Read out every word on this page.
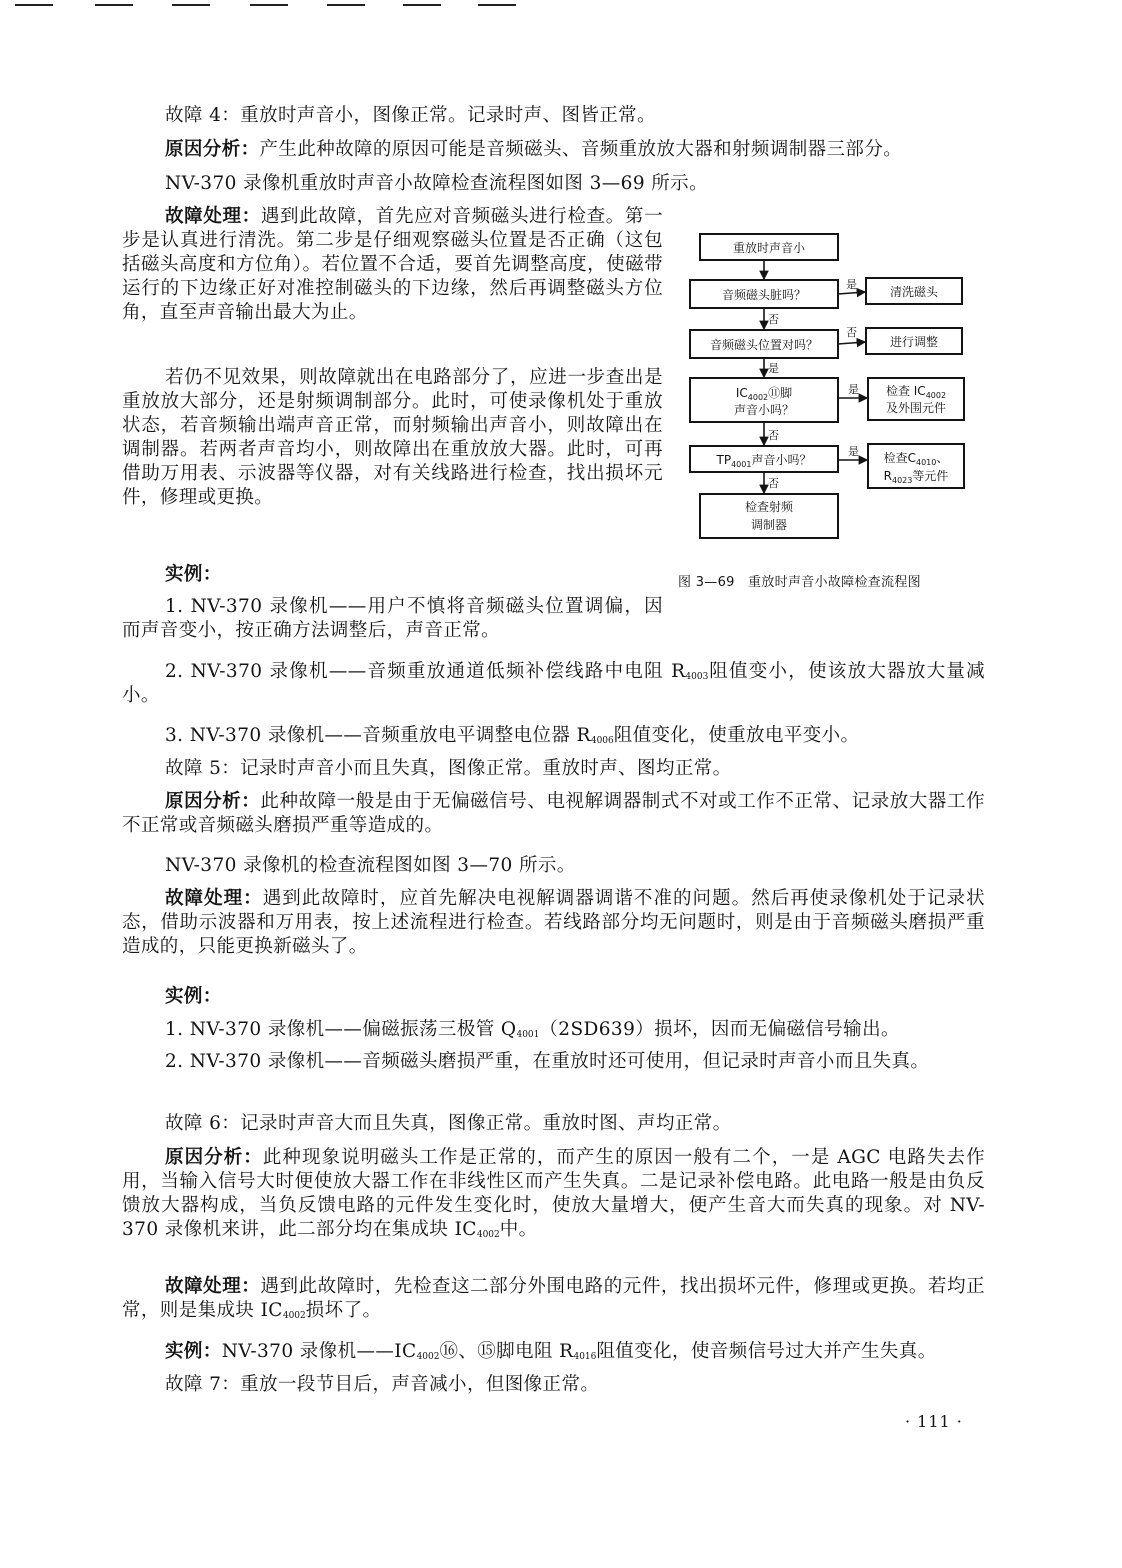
故障 4：重放时声音小，图像正常。记录时声、图皆正常。

原因分析：产生此种故障的原因可能是音频磁头、音频重放放大器和射频调制器三部分。

NV-370 录像机重放时声音小故障检查流程图如图 3—69 所示。

故障处理：遇到此故障，首先应对音频磁头进行检查。第一步是认真进行清洗。第二步是仔细观察磁头位置是否正确（这包括磁头高度和方位角）。若位置不合适，要首先调整高度，使磁带运行的下边缘正好对准控制磁头的下边缘，然后再调整磁头方位角，直至声音输出最大为止。

若仍不见效果，则故障就出在电路部分了，应进一步查出是重放放大部分，还是射频调制部分。此时，可使录像机处于重放状态，若音频输出端声音正常，而射频输出声音小，则故障出在调制器。若两者声音均小，则故障出在重放放大器。此时，可再借助万用表、示波器等仪器，对有关线路进行检查，找出损坏元件，修理或更换。

实例：

1. NV-370 录像机——用户不慎将音频磁头位置调偏，因而声音变小，按正确方法调整后，声音正常。

2. NV-370 录像机——音频重放通道低频补偿线路中电阻 $R_{4003}$阻值变小，使该放大器放大量减小。

3. NV-370 录像机——音频重放电平调整电位器 $R_{4006}$阻值变化，使重放电平变小。

故障 5：记录时声音小而且失真，图像正常。重放时声、图均正常。

原因分析：此种故障一般是由于无偏磁信号、电视解调器制式不对或工作不正常、记录放大器工作不正常或音频磁头磨损严重等造成的。

NV-370 录像机的检查流程图如图 3—70 所示。

故障处理：遇到此故障时，应首先解决电视解调器调谐不准的问题。然后再使录像机处于记录状态，借助示波器和万用表，按上述流程进行检查。若线路部分均无问题时，则是由于音频磁头磨损严重造成的，只能更换新磁头了。

实例：

1. NV-370 录像机——偏磁振荡三极管 $Q_{4001}(2SD639)$损坏，因而无偏磁信号输出。

2. NV-370 录像机——音频磁头磨损严重，在重放时还可使用，但记录时声音小而且失真。

故障 6：记录时声音大而且失真，图像正常。重放时图、声均正常。

原因分析：此种现象说明磁头工作是正常的，而产生的原因一般有二个，一是 AGC 电路失去作用，当输入信号大时便使放大器工作在非线性区而产生失真。二是记录补偿电路。此电路一般是由负反馈放大器构成，当负反馈电路的元件发生变化时，使放大量增大，便产生音大而失真的现象。对 NV-370 录像机来讲，此二部分均在集成块 $IC_{4002}$中。

故障处理：遇到此故障时，先检查这二部分外围电路的元件，找出损坏元件，修理或更换。若均正常，则是集成块 $IC_{4002}$损坏了。

实例：NV-370 录像机$——IC_{4002}⑯$、⑮脚电阻 $R_{4016}$阻值变化，使音频信号过大并产生失真。

故障 7：重放一段节目后，声音减小，但图像正常。

· 111 ·

重放时声音小
音频磁头脏吗？	清洗磁头
音频磁头位置对吗？	进行调整
$IC_{4002}⑪$脚
声音小吗？
检查 $IC_{4002}$
及外围元件
$TP_{4001}$声音小吗？	检查$C_{4010}$、
$R_{4023}$等元件
检查射频
调制器
是
否
否
是
是
否
是
否

图 3—69　重放时声音小故障检查流程图
